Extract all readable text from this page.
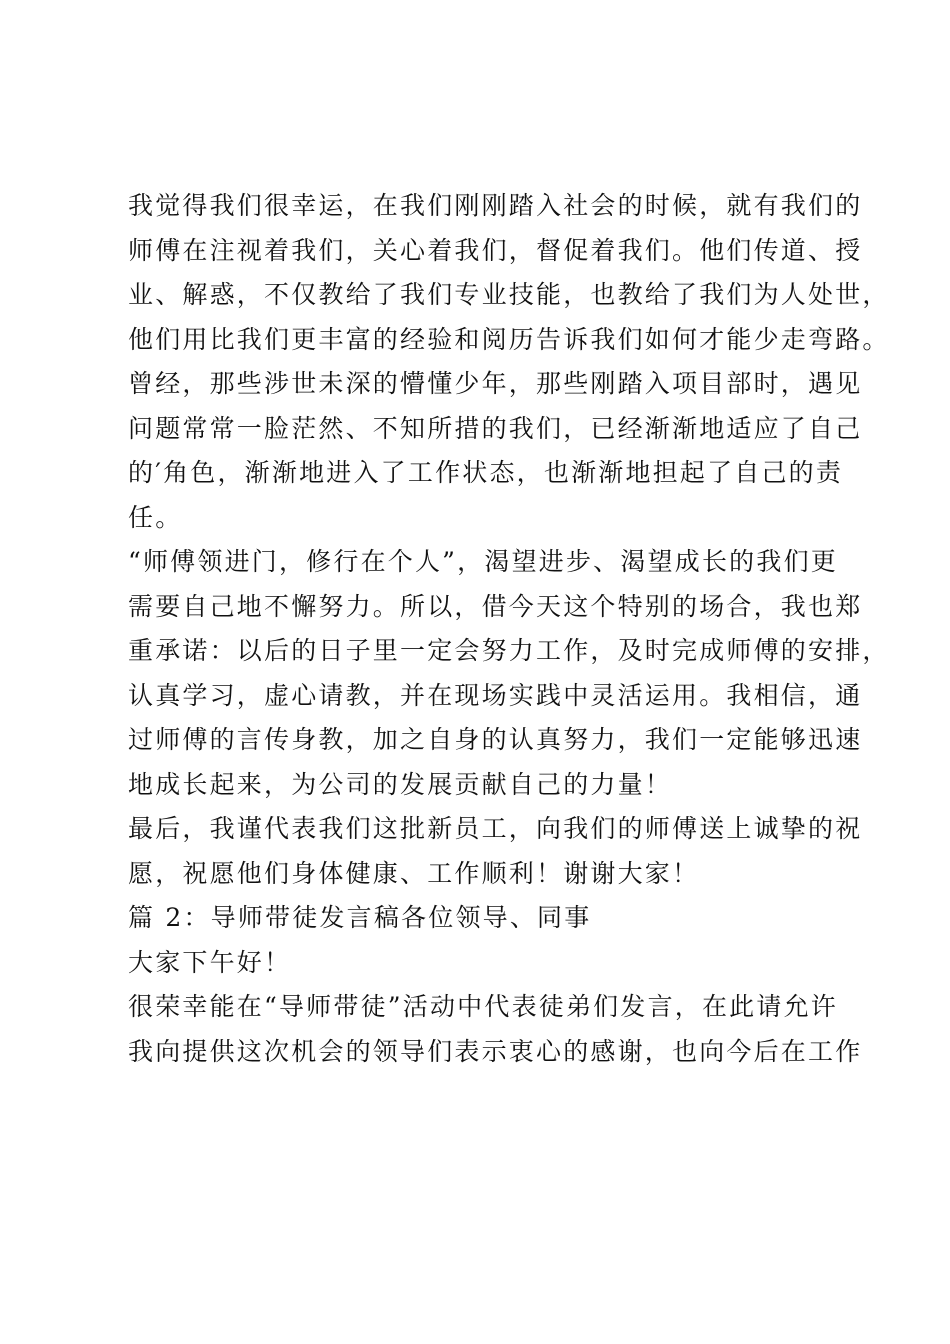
我觉得我们很幸运，在我们刚刚踏入社会的时候，就有我们的
师傅在注视着我们，关心着我们，督促着我们。他们传道、授
业、解惑，不仅教给了我们专业技能，也教给了我们为人处世，
他们用比我们更丰富的经验和阅历告诉我们如何才能少走弯路。
曾经，那些涉世未深的懵懂少年，那些刚踏入项目部时，遇见
问题常常一脸茫然、不知所措的我们，已经渐渐地适应了自己
的′角色，渐渐地进入了工作状态，也渐渐地担起了自己的责
任。
“师傅领进门，修行在个人”，渴望进步、渴望成长的我们更
需要自己地不懈努力。所以，借今天这个特别的场合，我也郑
重承诺：以后的日子里一定会努力工作，及时完成师傅的安排，
认真学习，虚心请教，并在现场实践中灵活运用。我相信，通
过师傅的言传身教，加之自身的认真努力，我们一定能够迅速
地成长起来，为公司的发展贡献自己的力量！
最后，我谨代表我们这批新员工，向我们的师傅送上诚挚的祝
愿，祝愿他们身体健康、工作顺利！谢谢大家！
篇 2：导师带徒发言稿各位领导、同事
大家下午好！
很荣幸能在“导师带徒”活动中代表徒弟们发言，在此请允许
我向提供这次机会的领导们表示衷心的感谢，也向今后在工作
